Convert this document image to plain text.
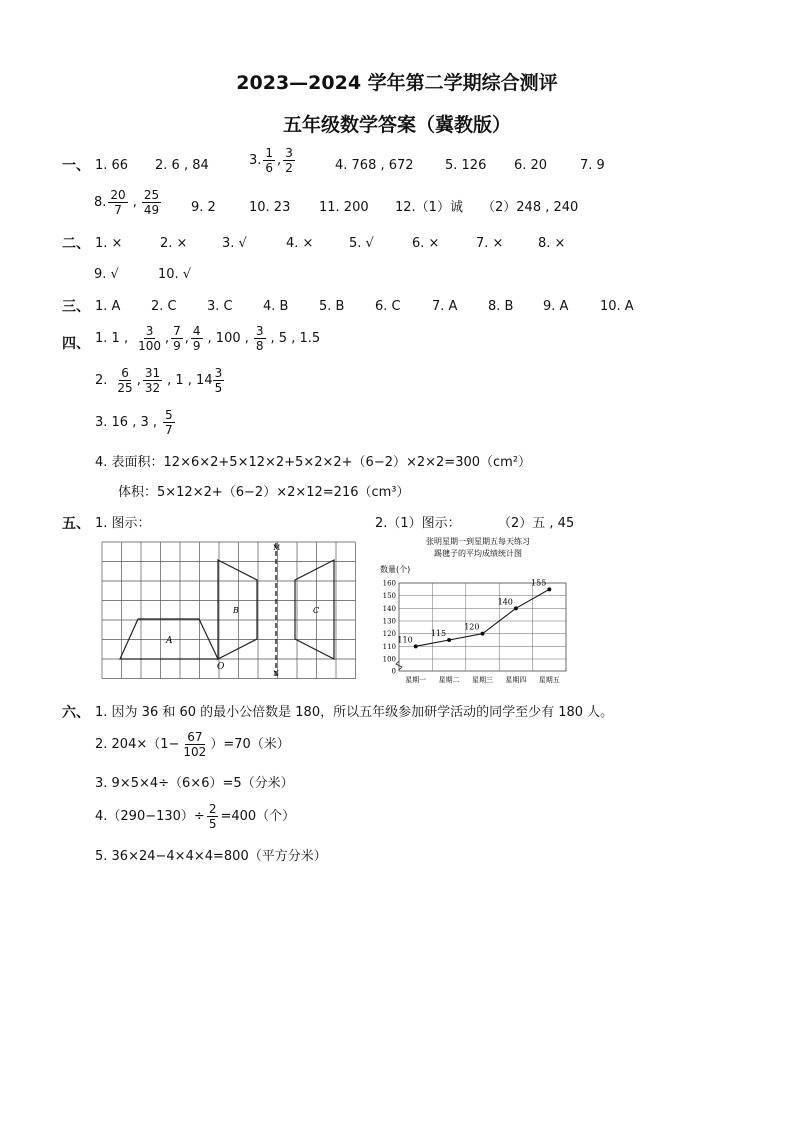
2023—2024 学年第二学期综合测评
五年级数学答案（冀教版）
一、 1. 66 2. 6 , 84	3. $\frac{1}{6}$ , $\frac{3}{2}$	4. 768 , 672 5. 126 6. 20	7. 9
8. $\frac{20}{7}$ , $\frac{25}{49} 9$. 2	10. 23 11. 200 12.（1）诚 （2）248 , 240
二、 1. ×	2. ×	3. √	4. ×	5. √	6. ×	7. ×	8. ×
9. √	10. √
三、 1. A 2. C 3. C 4. B 5. B 6. C 7. A 8. B 9. A 10. A
四、 1. 1 , $\frac{3}{100}$ , $\frac{7}{9}$ , $\frac{4}{9}$ , 100 , $\frac{3}{8}$ , 5 , 1.5
2. $\frac{6}{25}$ , $\frac{31}{32}$ , 1 , $14 \frac{3}{5}$
3. 16 , 3 , $\frac{5}{7}$
4. 表面积：12×6×2+5×12×2+5×2×2+（6−2）×2×2=300（cm²）
体积：5×12×2+（6−2）×2×12=216（cm³）
五、 1. 图示：	2.（1）图示：	（2）五 , 45
A
B	C
O
M
N
张明星期一到星期五每天练习
踢毽子的平均成绩统计图
数量(个)
0
100
110
120
130
140
150
160
星期一 星期二 星期三 星期四 星期五
110
115
120
140
155
六、 1. 因为 36 和 60 的最小公倍数是 180，所以五年级参加研学活动的同学至少有 180 人。
2. $204\times(1- \frac{67}{102} )=70$（米）
3. 9×5×4÷（6×6）=5（分米）
$4.(290-130)\div \frac{2}{5} =400$（个）
5. 36×24−4×4×4=800（平方分米）
